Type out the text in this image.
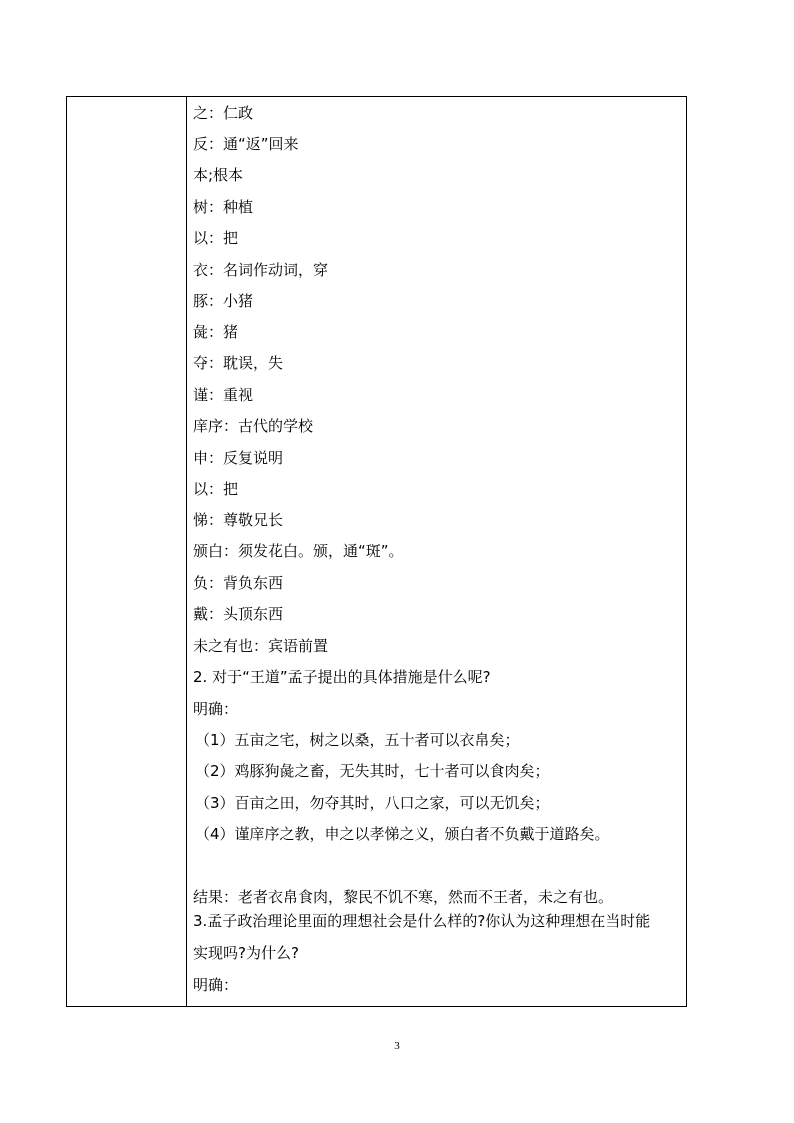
之：仁政
反：通“返”回来
本;根本
树：种植
以：把
衣：名词作动词，穿
豚：小猪
彘：猪
夺：耽误，失
谨：重视
庠序：古代的学校
申：反复说明
以：把
悌：尊敬兄长
颁白：须发花白。颁，通“斑”。
负：背负东西
戴：头顶东西
未之有也：宾语前置
2. 对于“王道”孟子提出的具体措施是什么呢?
明确：
（1）五亩之宅，树之以桑，五十者可以衣帛矣；
（2）鸡豚狗彘之畜，无失其时，七十者可以食肉矣；
（3）百亩之田，勿夺其时，八口之家，可以无饥矣；
（4）谨庠序之教，申之以孝悌之义，颁白者不负戴于道路矣。
结果：老者衣帛食肉，黎民不饥不寒，然而不王者，未之有也。
3.孟子政治理论里面的理想社会是什么样的?你认为这种理想在当时能
实现吗?为什么?
明确：
3
